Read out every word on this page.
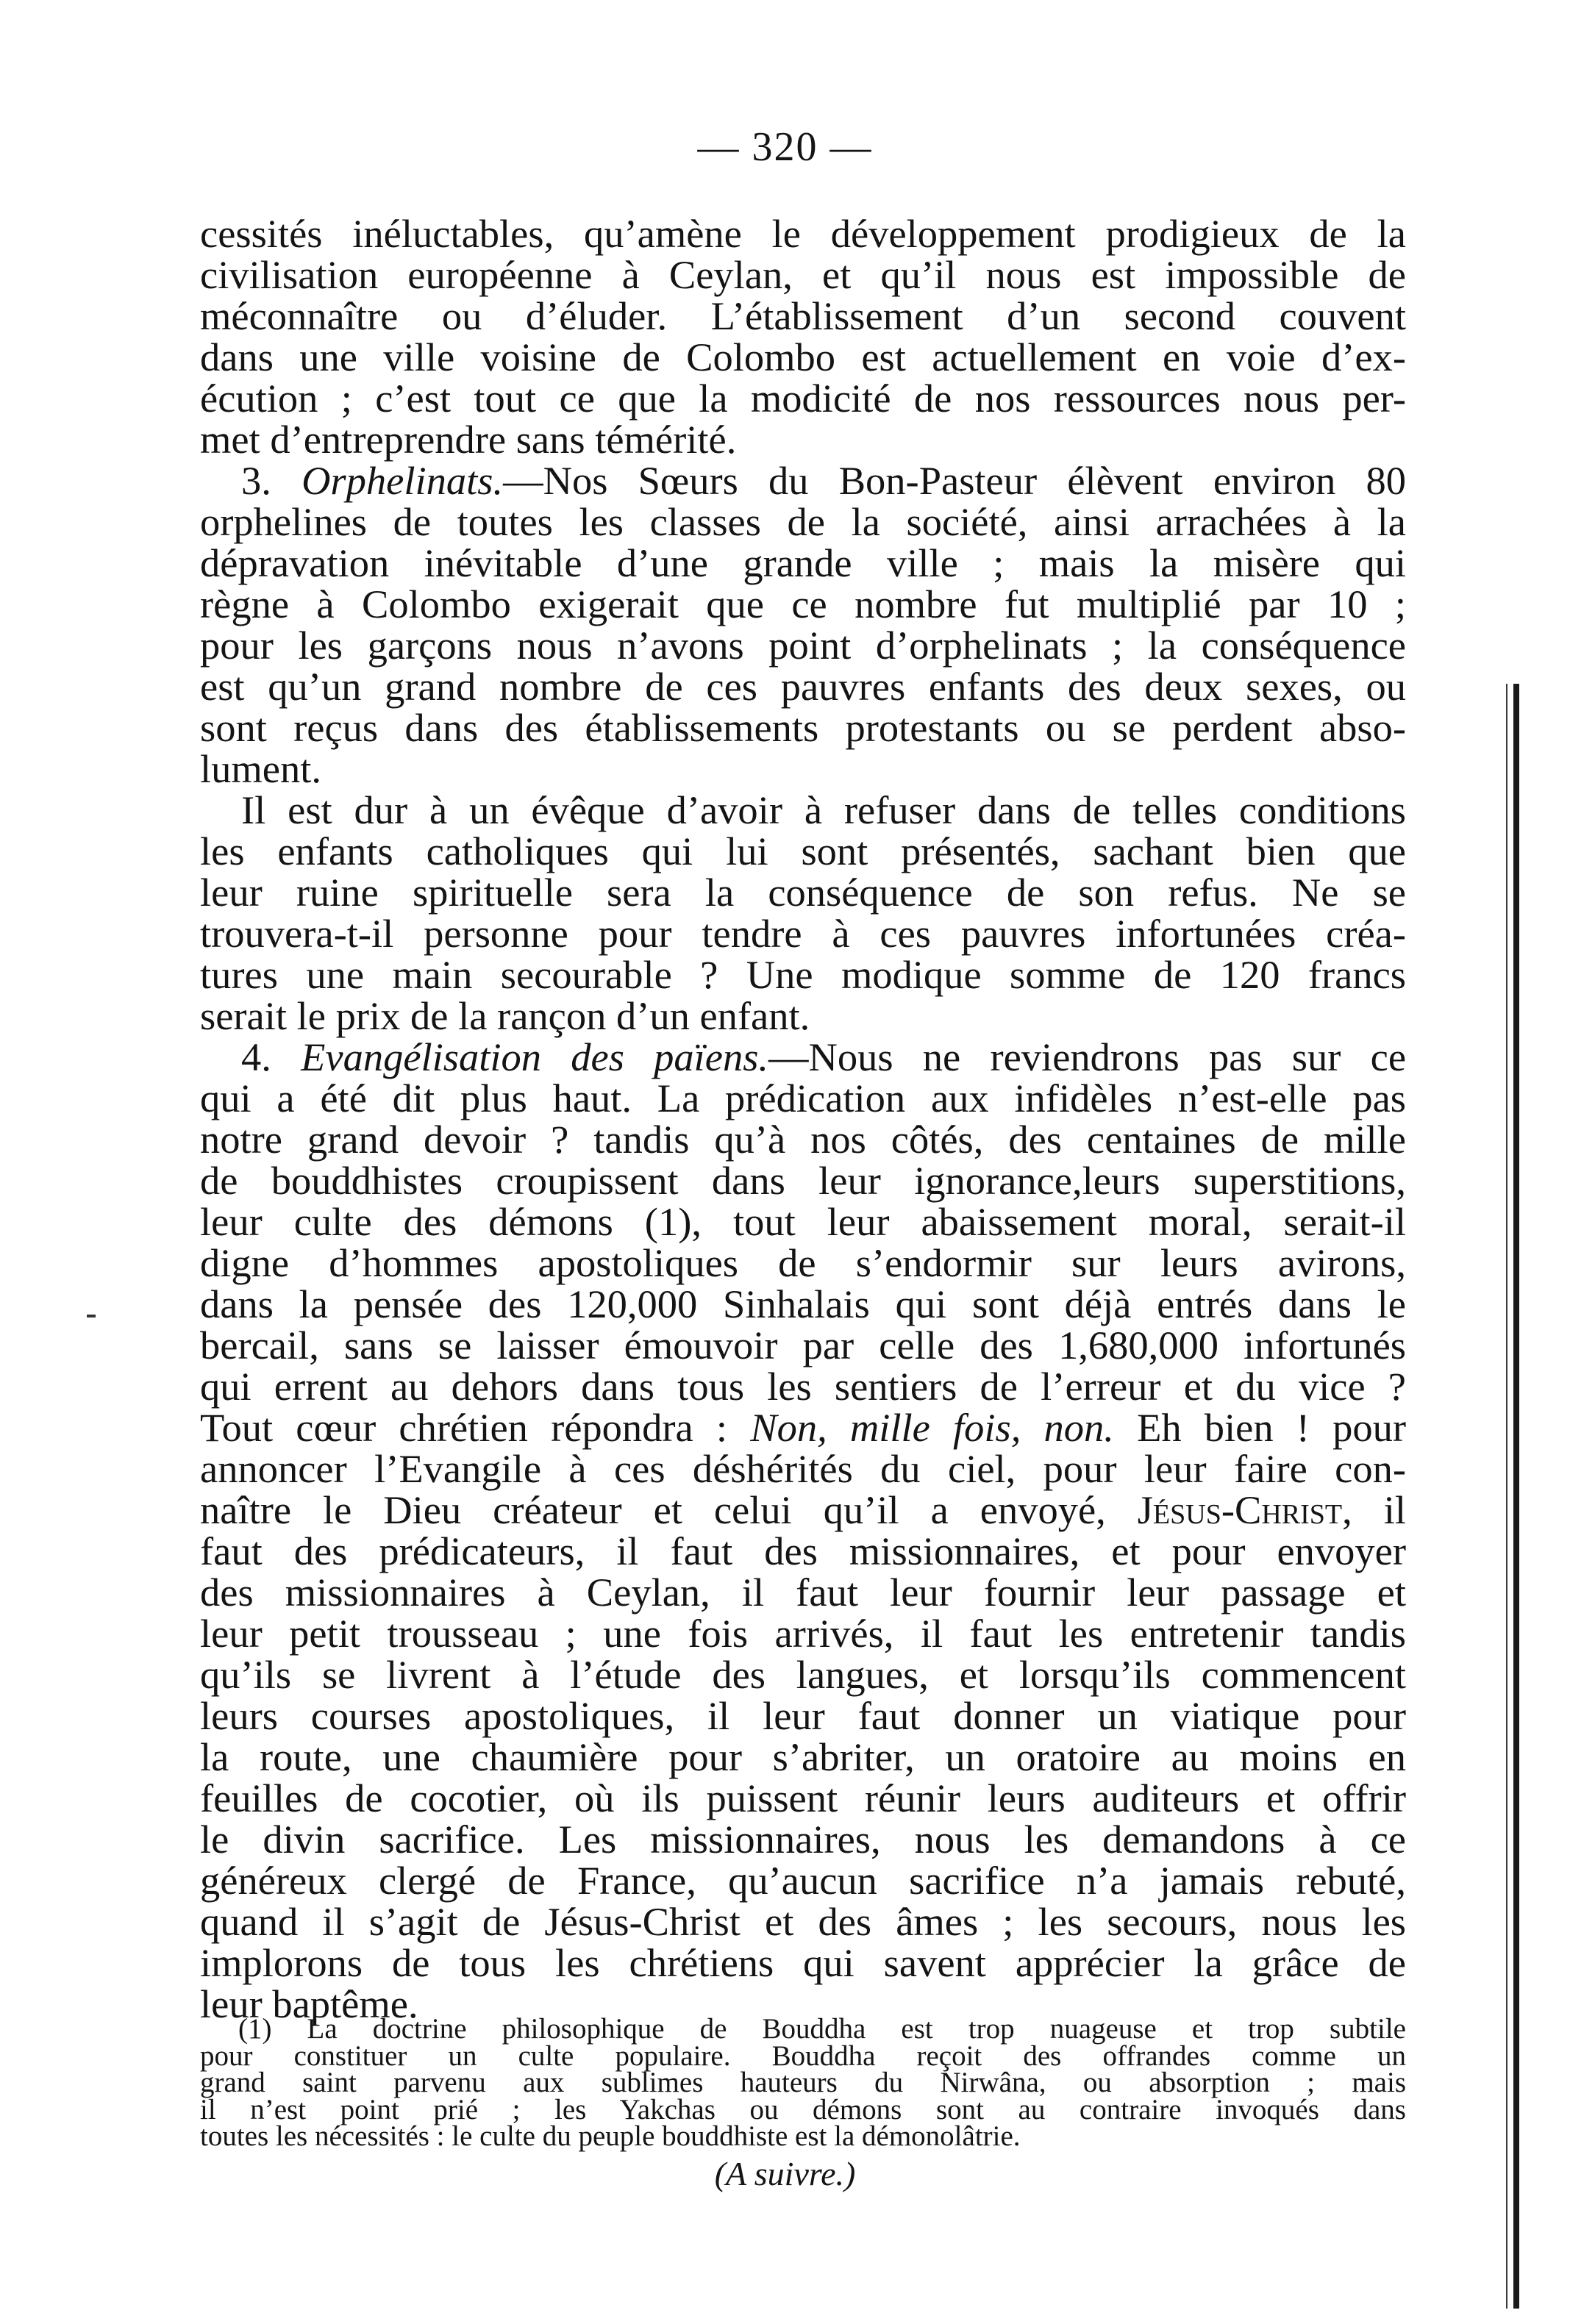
— 320 —
cessités inéluctables, qu’amène le développement prodigieux de la
civilisation européenne à Ceylan, et qu’il nous est impossible de
méconnaître ou d’éluder. L’établissement d’un second couvent
dans une ville voisine de Colombo est actuellement en voie d’ex-
écution ; c’est tout ce que la modicité de nos ressources nous per-
met d’entreprendre sans témérité.
3. Orphelinats.—Nos Sœurs du Bon-Pasteur élèvent environ 80
orphelines de toutes les classes de la société, ainsi arrachées à la
dépravation inévitable d’une grande ville ; mais la misère qui
règne à Colombo exigerait que ce nombre fut multiplié par 10 ;
pour les garçons nous n’avons point d’orphelinats ; la conséquence
est qu’un grand nombre de ces pauvres enfants des deux sexes, ou
sont reçus dans des établissements protestants ou se perdent abso-
lument.
Il est dur à un évêque d’avoir à refuser dans de telles conditions
les enfants catholiques qui lui sont présentés, sachant bien que
leur ruine spirituelle sera la conséquence de son refus. Ne se
trouvera-t-il personne pour tendre à ces pauvres infortunées créa-
tures une main secourable ? Une modique somme de 120 francs
serait le prix de la rançon d’un enfant.
4. Evangélisation des païens.—Nous ne reviendrons pas sur ce
qui a été dit plus haut. La prédication aux infidèles n’est-elle pas
notre grand devoir ? tandis qu’à nos côtés, des centaines de mille
de bouddhistes croupissent dans leur ignorance,leurs superstitions,
leur culte des démons (1), tout leur abaissement moral, serait-il
digne d’hommes apostoliques de s’endormir sur leurs avirons,
dans la pensée des 120,000 Sinhalais qui sont déjà entrés dans le
bercail, sans se laisser émouvoir par celle des 1,680,000 infortunés
qui errent au dehors dans tous les sentiers de l’erreur et du vice ?
Tout cœur chrétien répondra : Non, mille fois, non. Eh bien ! pour
annoncer l’Evangile à ces déshérités du ciel, pour leur faire con-
naître le Dieu créateur et celui qu’il a envoyé, Jésus-Christ, il
faut des prédicateurs, il faut des missionnaires, et pour envoyer
des missionnaires à Ceylan, il faut leur fournir leur passage et
leur petit trousseau ; une fois arrivés, il faut les entretenir tandis
qu’ils se livrent à l’étude des langues, et lorsqu’ils commencent
leurs courses apostoliques, il leur faut donner un viatique pour
la route, une chaumière pour s’abriter, un oratoire au moins en
feuilles de cocotier, où ils puissent réunir leurs auditeurs et offrir
le divin sacrifice. Les missionnaires, nous les demandons à ce
généreux clergé de France, qu’aucun sacrifice n’a jamais rebuté,
quand il s’agit de Jésus-Christ et des âmes ; les secours, nous les
implorons de tous les chrétiens qui savent apprécier la grâce de
leur baptême.
(1) La doctrine philosophique de Bouddha est trop nuageuse et trop subtile
pour constituer un culte populaire. Bouddha reçoit des offrandes comme un
grand saint parvenu aux sublimes hauteurs du Nirwâna, ou absorption ; mais
il n’est point prié ; les Yakchas ou démons sont au contraire invoqués dans
toutes les nécessités : le culte du peuple bouddhiste est la démonolâtrie.
(A suivre.)
